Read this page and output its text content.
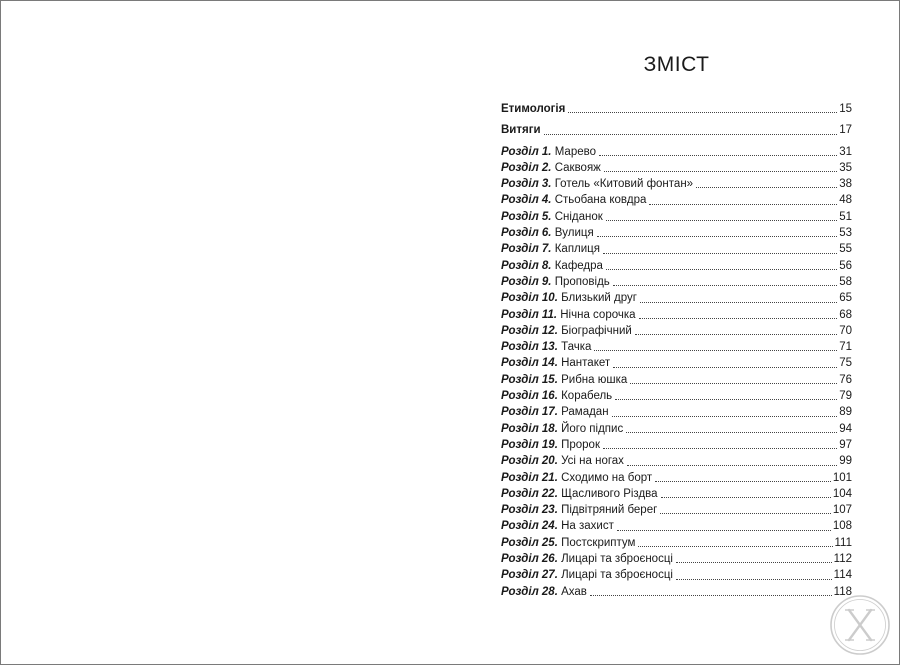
ЗМІСТ
Етимологія	15
Витяги	17
Розділ 1. Марево	31
Розділ 2. Саквояж	35
Розділ 3. Готель «Китовий фонтан»	38
Розділ 4. Стьобана ковдра	48
Розділ 5. Сніданок	51
Розділ 6. Вулиця	53
Розділ 7. Каплиця	55
Розділ 8. Кафедра	56
Розділ 9. Проповідь	58
Розділ 10. Близький друг	65
Розділ 11. Нічна сорочка	68
Розділ 12. Біографічний	70
Розділ 13. Тачка	71
Розділ 14. Нантакет	75
Розділ 15. Рибна юшка	76
Розділ 16. Корабель	79
Розділ 17. Рамадан	89
Розділ 18. Його підпис	94
Розділ 19. Пророк	97
Розділ 20. Усі на ногах	99
Розділ 21. Сходимо на борт	101
Розділ 22. Щасливого Різдва	104
Розділ 23. Підвітряний берег	107
Розділ 24. На захист	108
Розділ 25. Постскриптум	111
Розділ 26. Лицарі та зброєносці	112
Розділ 27. Лицарі та зброєносці	114
Розділ 28. Ахав	118
